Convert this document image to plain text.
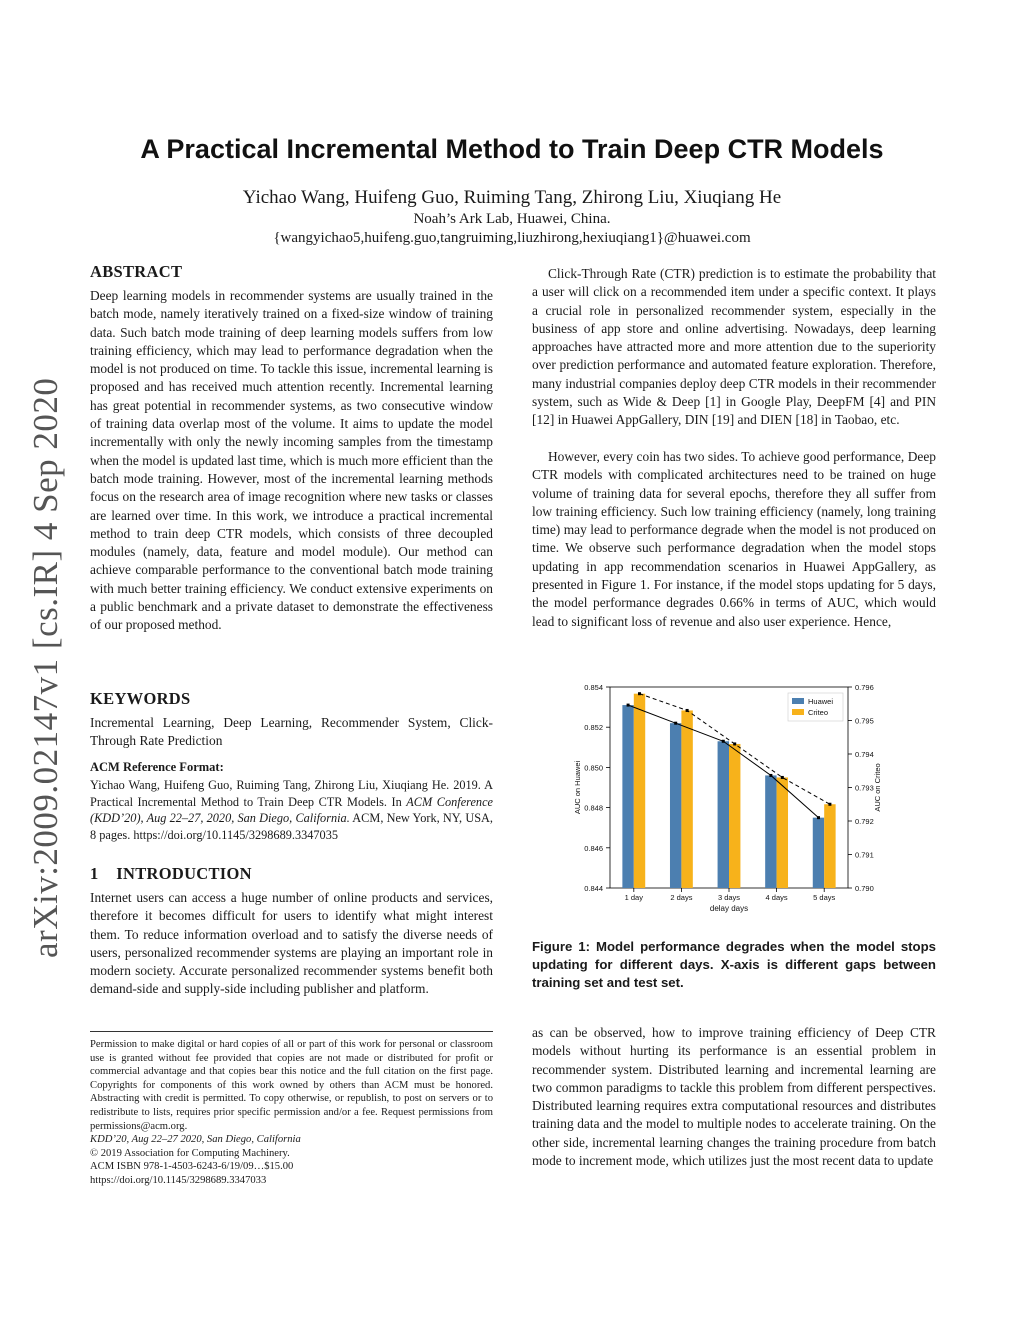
A Practical Incremental Method to Train Deep CTR Models
Yichao Wang, Huifeng Guo, Ruiming Tang, Zhirong Liu, Xiuqiang He
Noah’s Ark Lab, Huawei, China.
{wangyichao5,huifeng.guo,tangruiming,liuzhirong,hexiuqiang1}@huawei.com
arXiv:2009.02147v1 [cs.IR] 4 Sep 2020
ABSTRACT

Deep learning models in recommender systems are usually trained in the batch mode, namely iteratively trained on a fixed-size window of training data. Such batch mode training of deep learning models suffers from low training efficiency, which may lead to performance degradation when the model is not produced on time. To tackle this issue, incremental learning is proposed and has received much attention recently. Incremental learning has great potential in recommender systems, as two consecutive window of training data overlap most of the volume. It aims to update the model incrementally with only the newly incoming samples from the timestamp when the model is updated last time, which is much more efficient than the batch mode training. However, most of the incremental learning methods focus on the research area of image recognition where new tasks or classes are learned over time. In this work, we introduce a practical incremental method to train deep CTR models, which consists of three decoupled modules (namely, data, feature and model module). Our method can achieve comparable performance to the conventional batch mode training with much better training efficiency. We conduct extensive experiments on a public benchmark and a private dataset to demonstrate the effectiveness of our proposed method.

KEYWORDS

Incremental Learning, Deep Learning, Recommender System, Click-Through Rate Prediction

ACM Reference Format:

Yichao Wang, Huifeng Guo, Ruiming Tang, Zhirong Liu, Xiuqiang He. 2019. A Practical Incremental Method to Train Deep CTR Models. In ACM Conference (KDD’20), Aug 22–27, 2020, San Diego, California. ACM, New York, NY, USA, 8 pages. https://doi.org/10.1145/3298689.3347035

1 INTRODUCTION

Internet users can access a huge number of online products and services, therefore it becomes difficult for users to identify what might interest them. To reduce information overload and to satisfy the diverse needs of users, personalized recommender systems are playing an important role in modern society. Accurate personalized recommender systems benefit both demand-side and supply-side including publisher and platform.

Permission to make digital or hard copies of all or part of this work for personal or classroom use is granted without fee provided that copies are not made or distributed for profit or commercial advantage and that copies bear this notice and the full citation on the first page. Copyrights for components of this work owned by others than ACM must be honored. Abstracting with credit is permitted. To copy otherwise, or republish, to post on servers or to redistribute to lists, requires prior specific permission and/or a fee. Request permissions from permissions@acm.org.

KDD’20, Aug 22–27 2020, San Diego, California

© 2019 Association for Computing Machinery.

ACM ISBN 978-1-4503-6243-6/19/09…$15.00

https://doi.org/10.1145/3298689.3347033

Click-Through Rate (CTR) prediction is to estimate the probability that a user will click on a recommended item under a specific context. It plays a crucial role in personalized recommender system, especially in the business of app store and online advertising. Nowadays, deep learning approaches have attracted more and more attention due to the superiority over prediction performance and automated feature exploration. Therefore, many industrial companies deploy deep CTR models in their recommender system, such as Wide & Deep [1] in Google Play, DeepFM [4] and PIN [12] in Huawei AppGallery, DIN [19] and DIEN [18] in Taobao, etc.

However, every coin has two sides. To achieve good performance, Deep CTR models with complicated architectures need to be trained on huge volume of training data for several epochs, therefore they all suffer from low training efficiency. Such low training efficiency (namely, long training time) may lead to performance degrade when the model is not produced on time. We observe such performance degradation when the model stops updating in app recommendation scenarios in Huawei AppGallery, as presented in Figure 1. For instance, if the model stops updating for 5 days, the model performance degrades 0.66% in terms of AUC, which would lead to significant loss of revenue and also user experience. Hence,

0.844
0.846
0.848
0.850
0.852
0.854
0.790
0.791
0.792
0.793
0.794
0.795
0.796
1 day	2 days	3 days	4 days	5 days
delay days
AUC on Huawei	AUC on Criteo
Huawei
Criteo
Figure 1: Model performance degrades when the model stops updating for different days. X-axis is different gaps between training set and test set.

as can be observed, how to improve training efficiency of Deep CTR models without hurting its performance is an essential problem in recommender system. Distributed learning and incremental learning are two common paradigms to tackle this problem from different perspectives. Distributed learning requires extra computational resources and distributes training data and the model to multiple nodes to accelerate training. On the other side, incremental learning changes the training procedure from batch mode to increment mode, which utilizes just the most recent data to update
